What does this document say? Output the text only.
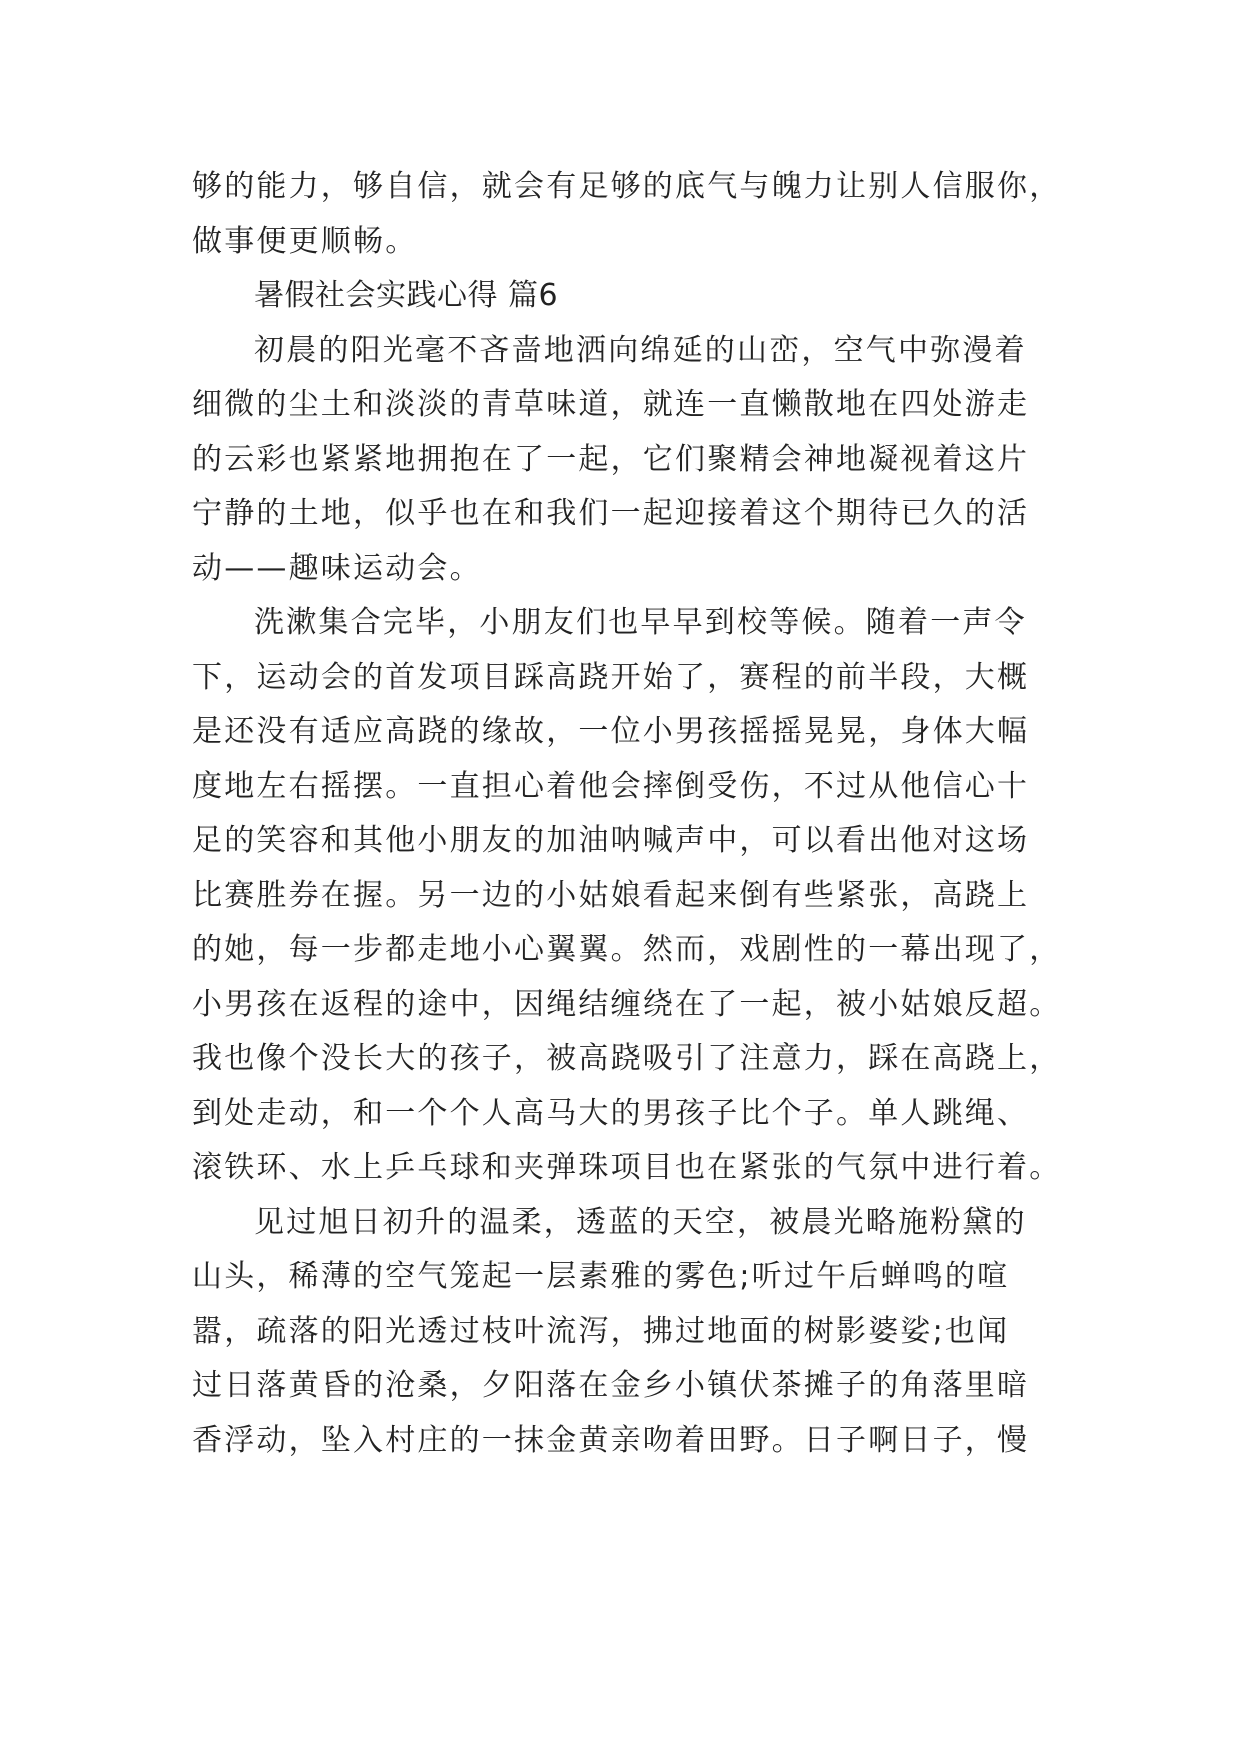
够的能力，够自信，就会有足够的底气与魄力让别人信服你，
做事便更顺畅。
暑假社会实践心得 篇6
初晨的阳光毫不吝啬地洒向绵延的山峦，空气中弥漫着
细微的尘土和淡淡的青草味道，就连一直懒散地在四处游走
的云彩也紧紧地拥抱在了一起，它们聚精会神地凝视着这片
宁静的土地，似乎也在和我们一起迎接着这个期待已久的活
动——趣味运动会。
洗漱集合完毕，小朋友们也早早到校等候。随着一声令
下，运动会的首发项目踩高跷开始了，赛程的前半段，大概
是还没有适应高跷的缘故，一位小男孩摇摇晃晃，身体大幅
度地左右摇摆。一直担心着他会摔倒受伤，不过从他信心十
足的笑容和其他小朋友的加油呐喊声中，可以看出他对这场
比赛胜券在握。另一边的小姑娘看起来倒有些紧张，高跷上
的她，每一步都走地小心翼翼。然而，戏剧性的一幕出现了，
小男孩在返程的途中，因绳结缠绕在了一起，被小姑娘反超。
我也像个没长大的孩子，被高跷吸引了注意力，踩在高跷上，
到处走动，和一个个人高马大的男孩子比个子。单人跳绳、
滚铁环、水上乒乓球和夹弹珠项目也在紧张的气氛中进行着。
见过旭日初升的温柔，透蓝的天空，被晨光略施粉黛的
山头，稀薄的空气笼起一层素雅的雾色;听过午后蝉鸣的喧
嚣，疏落的阳光透过枝叶流泻，拂过地面的树影婆娑;也闻
过日落黄昏的沧桑，夕阳落在金乡小镇伏茶摊子的角落里暗
香浮动，坠入村庄的一抹金黄亲吻着田野。日子啊日子，慢
